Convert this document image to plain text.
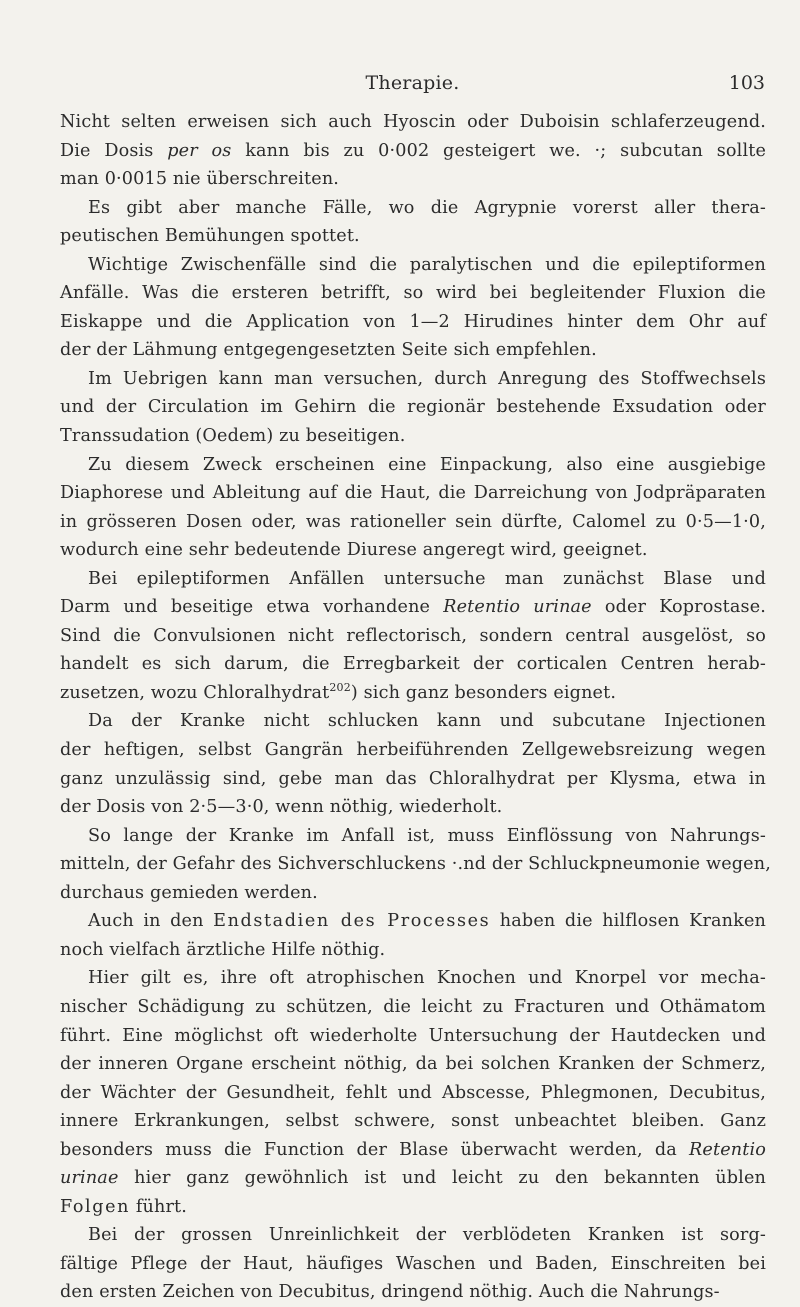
Therapie.	103
Nicht selten erweisen sich auch Hyoscin oder Duboisin schlaferzeugend.
Die Dosis per os kann bis zu 0·002 gesteigert we. ·; subcutan sollte
man 0·0015 nie überschreiten.
Es gibt aber manche Fälle, wo die Agrypnie vorerst aller thera-
peutischen Bemühungen spottet.
Wichtige Zwischenfälle sind die paralytischen und die epileptiformen
Anfälle. Was die ersteren betrifft, so wird bei begleitender Fluxion die
Eiskappe und die Application von 1—2 Hirudines hinter dem Ohr auf
der der Lähmung entgegengesetzten Seite sich empfehlen.
Im Uebrigen kann man versuchen, durch Anregung des Stoffwechsels
und der Circulation im Gehirn die regionär bestehende Exsudation oder
Transsudation (Oedem) zu beseitigen.
Zu diesem Zweck erscheinen eine Einpackung, also eine ausgiebige
Diaphorese und Ableitung auf die Haut, die Darreichung von Jodpräparaten
in grösseren Dosen oder, was rationeller sein dürfte, Calomel zu 0·5—1·0,
wodurch eine sehr bedeutende Diurese angeregt wird, geeignet.
Bei epileptiformen Anfällen untersuche man zunächst Blase und
Darm und beseitige etwa vorhandene Retentio urinae oder Koprostase.
Sind die Convulsionen nicht reflectorisch, sondern central ausgelöst, so
handelt es sich darum, die Erregbarkeit der corticalen Centren herab-
zusetzen, wozu Chloralhydrat$^{202}$) sich ganz besonders eignet.
Da der Kranke nicht schlucken kann und subcutane Injectionen
der heftigen, selbst Gangrän herbeiführenden Zellgewebsreizung wegen
ganz unzulässig sind, gebe man das Chloralhydrat per Klysma, etwa in
der Dosis von 2·5—3·0, wenn nöthig, wiederholt.
So lange der Kranke im Anfall ist, muss Einflössung von Nahrungs-
mitteln, der Gefahr des Sichverschluckens ·.nd der Schluckpneumonie wegen,
durchaus gemieden werden.
Auch in den Endstadien des Processes haben die hilflosen Kranken
noch vielfach ärztliche Hilfe nöthig.
Hier gilt es, ihre oft atrophischen Knochen und Knorpel vor mecha-
nischer Schädigung zu schützen, die leicht zu Fracturen und Othämatom
führt. Eine möglichst oft wiederholte Untersuchung der Hautdecken und
der inneren Organe erscheint nöthig, da bei solchen Kranken der Schmerz,
der Wächter der Gesundheit, fehlt und Abscesse, Phlegmonen, Decubitus,
innere Erkrankungen, selbst schwere, sonst unbeachtet bleiben. Ganz
besonders muss die Function der Blase überwacht werden, da Retentio
urinae hier ganz gewöhnlich ist und leicht zu den bekannten üblen
Folgen führt.
Bei der grossen Unreinlichkeit der verblödeten Kranken ist sorg-
fältige Pflege der Haut, häufiges Waschen und Baden, Einschreiten bei
den ersten Zeichen von Decubitus, dringend nöthig. Auch die Nahrungs-
